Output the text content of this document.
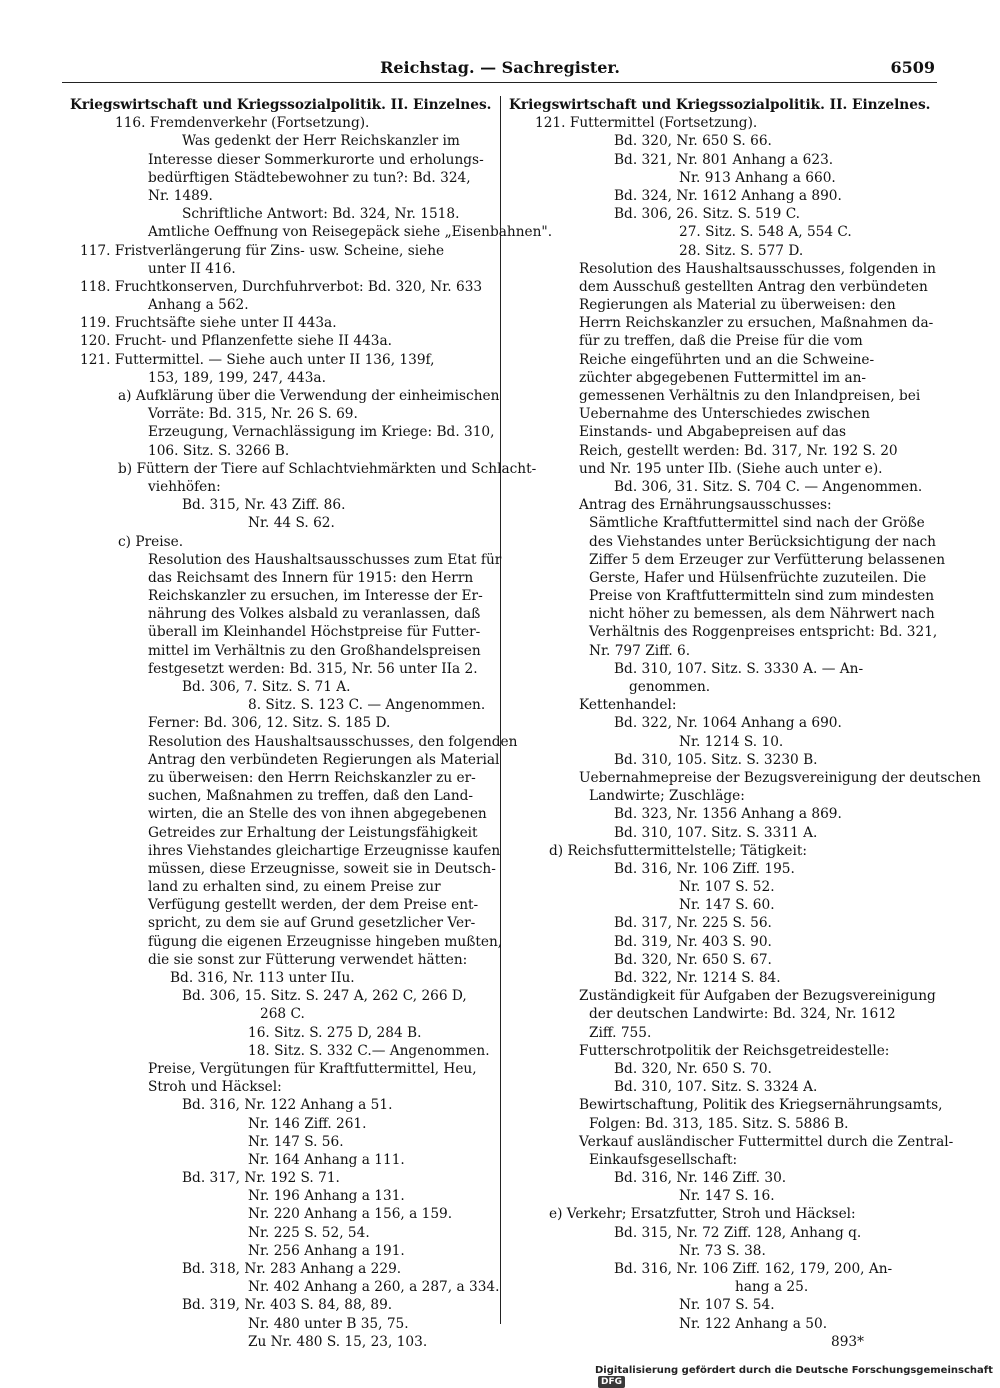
Reichstag. — Sachregister.	6509
Kriegswirtschaft und Kriegssozialpolitik. II. Einzelnes.
116. Fremdenverkehr (Fortsetzung).
Was gedenkt der Herr Reichskanzler im
Interesse dieser Sommerkurorte und erholungs-
bedürftigen Städtebewohner zu tun?: Bd. 324,
Nr. 1489.
Schriftliche Antwort: Bd. 324, Nr. 1518.
Amtliche Oeffnung von Reisegepäck siehe „Eisenbahnen".
117. Fristverlängerung für Zins- usw. Scheine, siehe
unter II 416.
118. Fruchtkonserven, Durchfuhrverbot: Bd. 320, Nr. 633
Anhang a 562.
119. Fruchtsäfte siehe unter II 443a.
120. Frucht- und Pflanzenfette siehe II 443a.
121. Futtermittel. — Siehe auch unter II 136, 139f,
153, 189, 199, 247, 443a.
a) Aufklärung über die Verwendung der einheimischen
Vorräte: Bd. 315, Nr. 26 S. 69.
Erzeugung, Vernachlässigung im Kriege: Bd. 310,
106. Sitz. S. 3266 B.
b) Füttern der Tiere auf Schlachtviehmärkten und Schlacht-
viehhöfen:
Bd. 315, Nr. 43 Ziff. 86.
Nr. 44 S. 62.
c) Preise.
Resolution des Haushaltsausschusses zum Etat für
das Reichsamt des Innern für 1915: den Herrn
Reichskanzler zu ersuchen, im Interesse der Er-
nährung des Volkes alsbald zu veranlassen, daß
überall im Kleinhandel Höchstpreise für Futter-
mittel im Verhältnis zu den Großhandelspreisen
festgesetzt werden: Bd. 315, Nr. 56 unter IIa 2.
Bd. 306, 7. Sitz. S. 71 A.
8. Sitz. S. 123 C. — Angenommen.
Ferner: Bd. 306, 12. Sitz. S. 185 D.
Resolution des Haushaltsausschusses, den folgenden
Antrag den verbündeten Regierungen als Material
zu überweisen: den Herrn Reichskanzler zu er-
suchen, Maßnahmen zu treffen, daß den Land-
wirten, die an Stelle des von ihnen abgegebenen
Getreides zur Erhaltung der Leistungsfähigkeit
ihres Viehstandes gleichartige Erzeugnisse kaufen
müssen, diese Erzeugnisse, soweit sie in Deutsch-
land zu erhalten sind, zu einem Preise zur
Verfügung gestellt werden, der dem Preise ent-
spricht, zu dem sie auf Grund gesetzlicher Ver-
fügung die eigenen Erzeugnisse hingeben mußten,
die sie sonst zur Fütterung verwendet hätten:
Bd. 316, Nr. 113 unter IIu.
Bd. 306, 15. Sitz. S. 247 A, 262 C, 266 D,
268 C.
16. Sitz. S. 275 D, 284 B.
18. Sitz. S. 332 C.— Angenommen.
Preise, Vergütungen für Kraftfuttermittel, Heu,
Stroh und Häcksel:
Bd. 316, Nr. 122 Anhang a 51.
Nr. 146 Ziff. 261.
Nr. 147 S. 56.
Nr. 164 Anhang a 111.
Bd. 317, Nr. 192 S. 71.
Nr. 196 Anhang a 131.
Nr. 220 Anhang a 156, a 159.
Nr. 225 S. 52, 54.
Nr. 256 Anhang a 191.
Bd. 318, Nr. 283 Anhang a 229.
Nr. 402 Anhang a 260, a 287, a 334.
Bd. 319, Nr. 403 S. 84, 88, 89.
Nr. 480 unter B 35, 75.
Zu Nr. 480 S. 15, 23, 103.
Kriegswirtschaft und Kriegssozialpolitik. II. Einzelnes.
121. Futtermittel (Fortsetzung).
Bd. 320, Nr. 650 S. 66.
Bd. 321, Nr. 801 Anhang a 623.
Nr. 913 Anhang a 660.
Bd. 324, Nr. 1612 Anhang a 890.
Bd. 306, 26. Sitz. S. 519 C.
27. Sitz. S. 548 A, 554 C.
28. Sitz. S. 577 D.
Resolution des Haushaltsausschusses, folgenden in
dem Ausschuß gestellten Antrag den verbündeten
Regierungen als Material zu überweisen: den
Herrn Reichskanzler zu ersuchen, Maßnahmen da-
für zu treffen, daß die Preise für die vom
Reiche eingeführten und an die Schweine-
züchter abgegebenen Futtermittel im an-
gemessenen Verhältnis zu den Inlandpreisen, bei
Uebernahme des Unterschiedes zwischen
Einstands- und Abgabepreisen auf das
Reich, gestellt werden: Bd. 317, Nr. 192 S. 20
und Nr. 195 unter IIb. (Siehe auch unter e).
Bd. 306, 31. Sitz. S. 704 C. — Angenommen.
Antrag des Ernährungsausschusses:
Sämtliche Kraftfuttermittel sind nach der Größe
des Viehstandes unter Berücksichtigung der nach
Ziffer 5 dem Erzeuger zur Verfütterung belassenen
Gerste, Hafer und Hülsenfrüchte zuzuteilen. Die
Preise von Kraftfuttermitteln sind zum mindesten
nicht höher zu bemessen, als dem Nährwert nach
Verhältnis des Roggenpreises entspricht: Bd. 321,
Nr. 797 Ziff. 6.
Bd. 310, 107. Sitz. S. 3330 A. — An-
genommen.
Kettenhandel:
Bd. 322, Nr. 1064 Anhang a 690.
Nr. 1214 S. 10.
Bd. 310, 105. Sitz. S. 3230 B.
Uebernahmepreise der Bezugsvereinigung der deutschen
Landwirte; Zuschläge:
Bd. 323, Nr. 1356 Anhang a 869.
Bd. 310, 107. Sitz. S. 3311 A.
d) Reichsfuttermittelstelle; Tätigkeit:
Bd. 316, Nr. 106 Ziff. 195.
Nr. 107 S. 52.
Nr. 147 S. 60.
Bd. 317, Nr. 225 S. 56.
Bd. 319, Nr. 403 S. 90.
Bd. 320, Nr. 650 S. 67.
Bd. 322, Nr. 1214 S. 84.
Zuständigkeit für Aufgaben der Bezugsvereinigung
der deutschen Landwirte: Bd. 324, Nr. 1612
Ziff. 755.
Futterschrotpolitik der Reichsgetreidestelle:
Bd. 320, Nr. 650 S. 70.
Bd. 310, 107. Sitz. S. 3324 A.
Bewirtschaftung, Politik des Kriegsernährungsamts,
Folgen: Bd. 313, 185. Sitz. S. 5886 B.
Verkauf ausländischer Futtermittel durch die Zentral-
Einkaufsgesellschaft:
Bd. 316, Nr. 146 Ziff. 30.
Nr. 147 S. 16.
e) Verkehr; Ersatzfutter, Stroh und Häcksel:
Bd. 315, Nr. 72 Ziff. 128, Anhang q.
Nr. 73 S. 38.
Bd. 316, Nr. 106 Ziff. 162, 179, 200, An-
hang a 25.
Nr. 107 S. 54.
Nr. 122 Anhang a 50.
893*
Digitalisierung gefördert durch die Deutsche Forschungsgemeinschaft DFG
